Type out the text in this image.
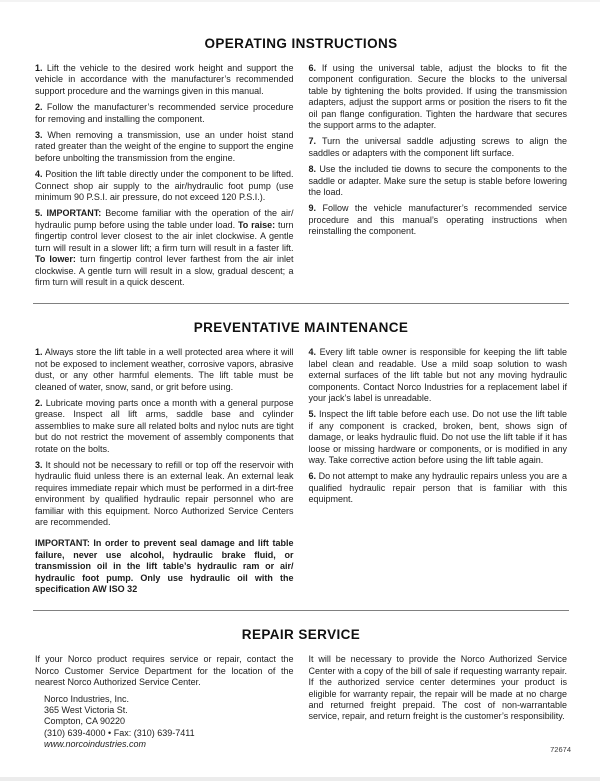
OPERATING INSTRUCTIONS

1. Lift the vehicle to the desired work height and support the vehicle in accordance with the manufacturer’s recommended support procedure and the warnings given in this manual.

2. Follow the manufacturer’s recommended service procedure for removing and installing the component.

3. When removing a transmission, use an under hoist stand rated greater than the weight of the engine to support the engine before unbolting the transmission from the engine.

4. Position the lift table directly under the component to be lifted. Connect shop air supply to the air/hydraulic foot pump (use minimum 90 P.S.I. air pressure, do not exceed 120 P.S.I.).

5. IMPORTANT: Become familiar with the operation of the air/ hydraulic pump before using the table under load. To raise: turn fingertip control lever closest to the air inlet clockwise. A gentle turn will result in a slower lift; a firm turn will result in a faster lift. To lower: turn fingertip control lever farthest from the air inlet clockwise. A gentle turn will result in a slow, gradual descent; a firm turn will result in a quick descent.

6. If using the universal table, adjust the blocks to fit the component configuration. Secure the blocks to the universal table by tightening the bolts provided. If using the transmission adapters, adjust the support arms or position the risers to fit the oil pan flange configuration. Tighten the hardware that secures the support arms to the adapter.

7. Turn the universal saddle adjusting screws to align the saddles or adapters with the component lift surface.

8. Use the included tie downs to secure the components to the saddle or adapter. Make sure the setup is stable before lowering the load.

9. Follow the vehicle manufacturer’s recommended service procedure and this manual’s operating instructions when reinstalling the component.

PREVENTATIVE MAINTENANCE

1. Always store the lift table in a well protected area where it will not be exposed to inclement weather, corrosive vapors, abrasive dust, or any other harmful elements. The lift table must be cleaned of water, snow, sand, or grit before using.

2. Lubricate moving parts once a month with a general purpose grease. Inspect all lift arms, saddle base and cylinder assemblies to make sure all related bolts and nyloc nuts are tight but do not restrict the movement of assembly components that rotate on the bolts.

3. It should not be necessary to refill or top off the reservoir with hydraulic fluid unless there is an external leak. An external leak requires immediate repair which must be performed in a dirt-free environment by qualified hydraulic repair personnel who are familiar with this equipment. Norco Authorized Service Centers are recommended.

IMPORTANT: In order to prevent seal damage and lift table failure, never use alcohol, hydraulic brake fluid, or transmission oil in the lift table’s hydraulic ram or air/ hydraulic foot pump. Only use hydraulic oil with the specification AW ISO 32

4. Every lift table owner is responsible for keeping the lift table label clean and readable. Use a mild soap solution to wash external surfaces of the lift table but not any moving hydraulic components. Contact Norco Industries for a replacement label if your jack’s label is unreadable.

5. Inspect the lift table before each use. Do not use the lift table if any component is cracked, broken, bent, shows sign of damage, or leaks hydraulic fluid. Do not use the lift table if it has loose or missing hardware or components, or is modified in any way. Take corrective action before using the lift table again.

6. Do not attempt to make any hydraulic repairs unless you are a qualified hydraulic repair person that is familiar with this equipment.

REPAIR SERVICE

If your Norco product requires service or repair, contact the Norco Customer Service Department for the location of the nearest Norco Authorized Service Center.

Norco Industries, Inc.

365 West Victoria St.

Compton, CA 90220

(310) 639-4000 • Fax: (310) 639-7411

www.norcoindustries.com

It will be necessary to provide the Norco Authorized Service Center with a copy of the bill of sale if requesting warranty repair. If the authorized service center determines your product is eligible for warranty repair, the repair will be made at no charge and returned freight prepaid. The cost of non-warrantable service, repair, and return freight is the customer’s responsibility.

72674
